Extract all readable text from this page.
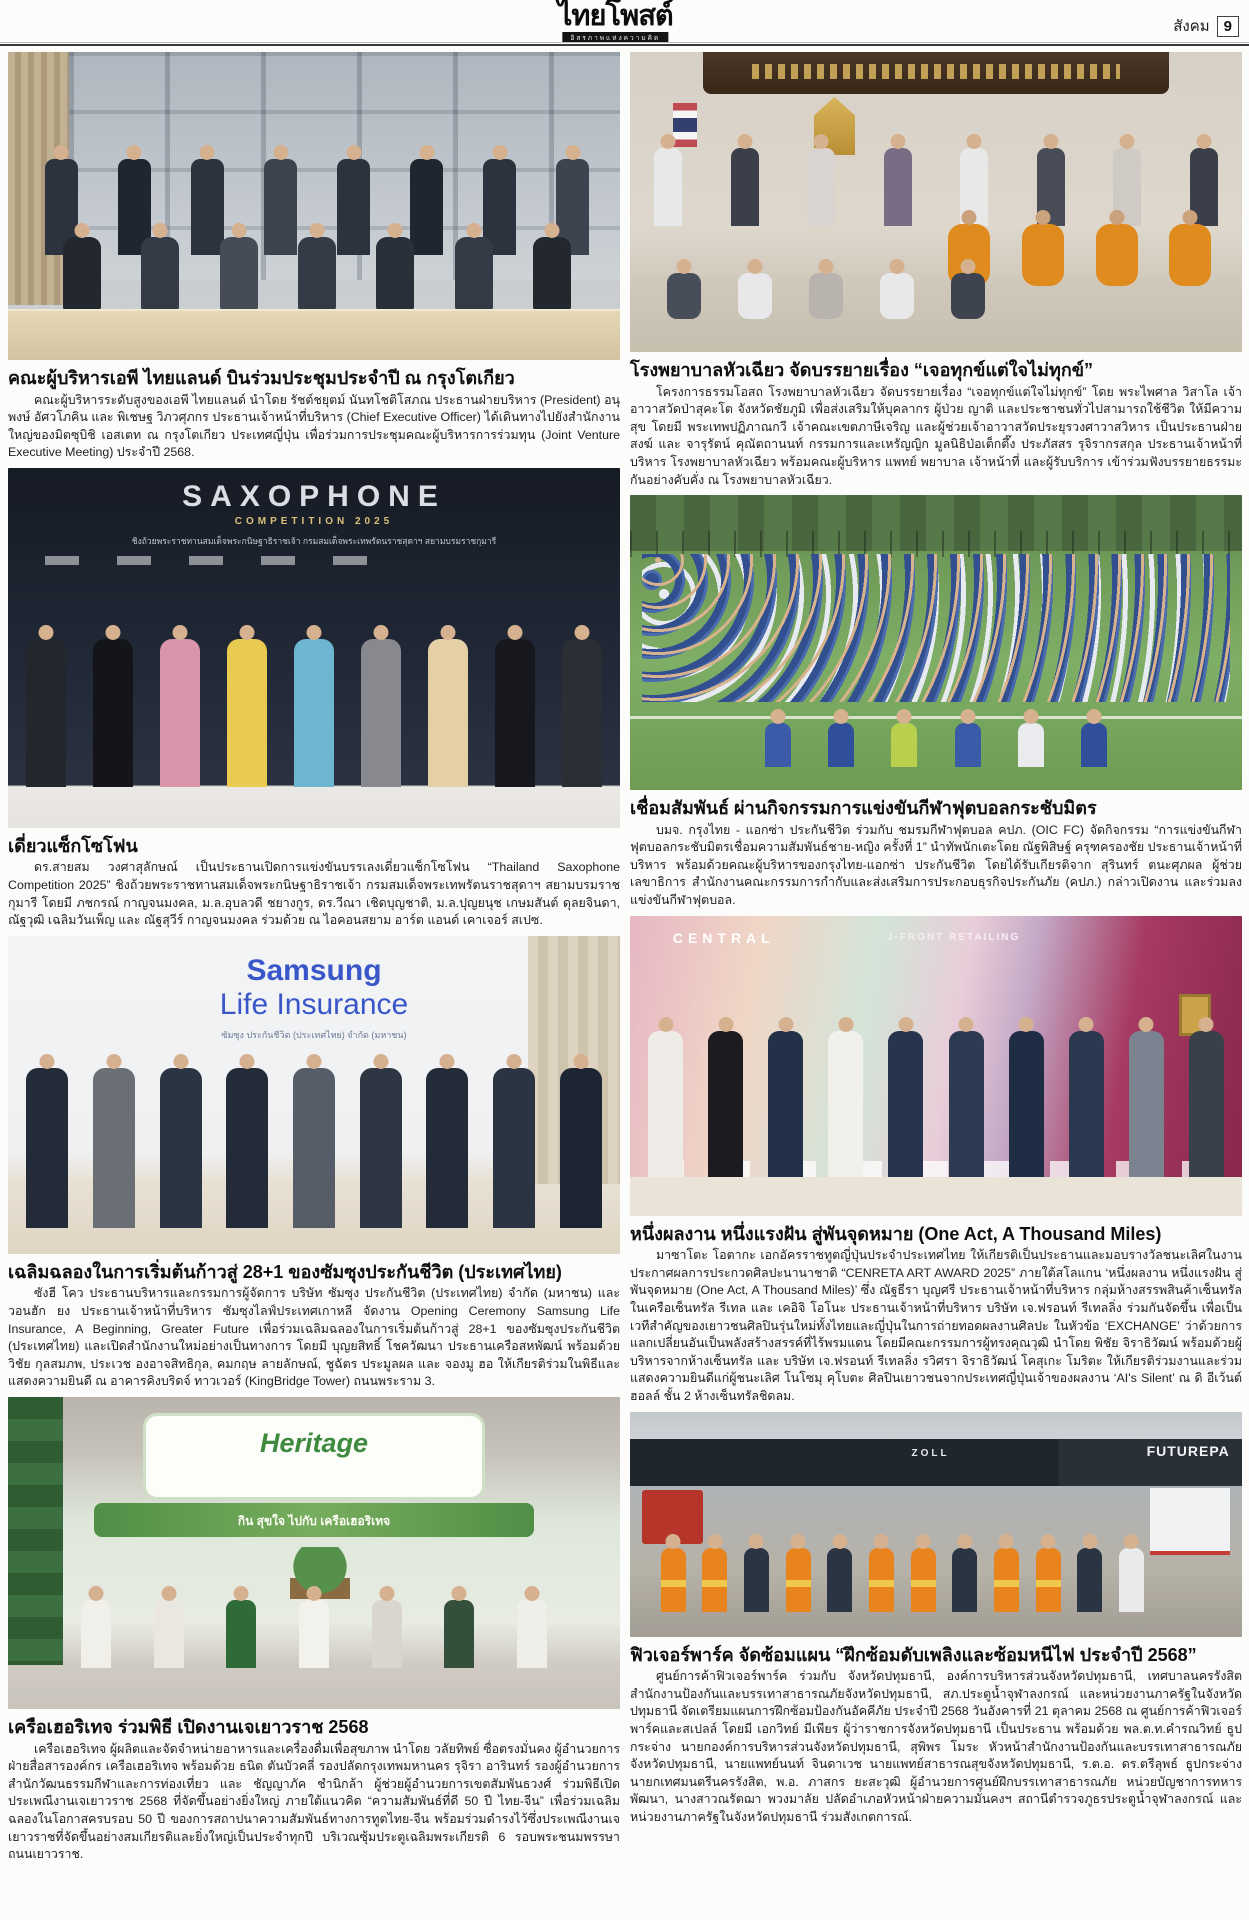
ไทยโพสต์
อิสรภาพแห่งความคิด
สังคม 9
คณะผู้บริหารเอพี ไทยแลนด์ บินร่วมประชุมประจำปี ณ กรุงโตเกียว

คณะผู้บริหารระดับสูงของเอพี ไทยแลนด์ นำโดย รัชต์ชยุตม์ นันทโชติโสภณ ประธานฝ่ายบริหาร (President) อนุพงษ์ อัศวโภคิน และ พิเชษฐ วิภวศุภกร ประธานเจ้าหน้าที่บริหาร (Chief Executive Officer) ได้เดินทางไปยังสำนักงานใหญ่ของมิตซุบิชิ เอสเตท ณ กรุงโตเกียว ประเทศญี่ปุ่น เพื่อร่วมการประชุมคณะผู้บริหารการร่วมทุน (Joint Venture Executive Meeting) ประจำปี 2568.

SAXOPHONE
COMPETITION 2025
ชิงถ้วยพระราชทานสมเด็จพระกนิษฐาธิราชเจ้า กรมสมเด็จพระเทพรัตนราชสุดาฯ สยามบรมราชกุมารี
เดี่ยวแซ็กโซโฟน

ดร.สายสม วงศาสุลักษณ์ เป็นประธานเปิดการแข่งขันบรรเลงเดี่ยวแซ็กโซโฟน “Thailand Saxophone Competition 2025” ชิงถ้วยพระราชทานสมเด็จพระกนิษฐาธิราชเจ้า กรมสมเด็จพระเทพรัตนราชสุดาฯ สยามบรมราชกุมารี โดยมี ภชกรณ์ กาญจนมงคล, ม.ล.อุบลวดี ชยางกูร, ดร.วีณา เชิดบุญชาติ, ม.ล.ปุญยนุช เกษมสันต์ ดุลยจินดา, ณัฐวุฒิ เฉลิมวันเพ็ญ และ ณัฐสุวีร์ กาญจนมงคล ร่วมด้วย ณ ไอคอนสยาม อาร์ต แอนด์ เคาเจอร์ สเปซ.

Samsung
Life Insurance
ซัมซุง ประกันชีวิต (ประเทศไทย) จำกัด (มหาชน)
เฉลิมฉลองในการเริ่มต้นก้าวสู่ 28+1 ของซัมซุงประกันชีวิต (ประเทศไทย)

ซังฮี โคว ประธานบริหารและกรรมการผู้จัดการ บริษัท ซัมซุง ประกันชีวิต (ประเทศไทย) จำกัด (มหาชน) และ วอนฮัก ยง ประธานเจ้าหน้าที่บริหาร ซัมซุงไลฟ์ประเทศเกาหลี จัดงาน Opening Ceremony Samsung Life Insurance, A Beginning, Greater Future เพื่อร่วมเฉลิมฉลองในการเริ่มต้นก้าวสู่ 28+1 ของซัมซุงประกันชีวิต (ประเทศไทย) และเปิดสำนักงานใหม่อย่างเป็นทางการ โดยมี บุญยสิทธิ์ โชควัฒนา ประธานเครือสหพัฒน์ พร้อมด้วย วิชัย กุลสมภพ, ประเวช องอาจสิทธิกุล, คมกฤษ ลายลักษณ์, ชูฉัตร ประมูลผล และ จองมู ฮอ ให้เกียรติร่วมในพิธีและแสดงความยินดี ณ อาคารคิงบริดจ์ ทาวเวอร์ (KingBridge Tower) ถนนพระราม 3.

Heritage
กิน สุขใจ ไปกับ เครือเฮอริเทจ
เครือเฮอริเทจ ร่วมพิธี เปิดงานเจเยาวราช 2568

เครือเฮอริเทจ ผู้ผลิตและจัดจำหน่ายอาหารและเครื่องดื่มเพื่อสุขภาพ นำโดย วลัยทิพย์ ซื่อตรงมั่นคง ผู้อำนวยการฝ่ายสื่อสารองค์กร เครือเฮอริเทจ พร้อมด้วย ธนิต ตันบัวคลี่ รองปลัดกรุงเทพมหานคร รุจิรา อารินทร์ รองผู้อำนวยการสำนักวัฒนธรรมกีฬาและการท่องเที่ยว และ ชัญญาภัค ชำนิกล้า ผู้ช่วยผู้อำนวยการเขตสัมพันธวงศ์ ร่วมพิธีเปิดประเพณีงานเจเยาวราช 2568 ที่จัดขึ้นอย่างยิ่งใหญ่ ภายใต้แนวคิด “ความสัมพันธ์ที่ดี 50 ปี ไทย-จีน” เพื่อร่วมเฉลิมฉลองในโอกาสครบรอบ 50 ปี ของการสถาปนาความสัมพันธ์ทางการทูตไทย-จีน พร้อมร่วมดำรงไว้ซึ่งประเพณีงานเจเยาวราชที่จัดขึ้นอย่างสมเกียรติและยิ่งใหญ่เป็นประจำทุกปี บริเวณซุ้มประตูเฉลิมพระเกียรติ 6 รอบพระชนมพรรษา ถนนเยาวราช.

โรงพยาบาลหัวเฉียว จัดบรรยายเรื่อง “เจอทุกข์แต่ใจไม่ทุกข์”

โครงการธรรมโอสถ โรงพยาบาลหัวเฉียว จัดบรรยายเรื่อง “เจอทุกข์แต่ใจไม่ทุกข์” โดย พระไพศาล วิสาโล เจ้าอาวาสวัดป่าสุคะโต จังหวัดชัยภูมิ เพื่อส่งเสริมให้บุคลากร ผู้ป่วย ญาติ และประชาชนทั่วไปสามารถใช้ชีวิต ให้มีความสุข โดยมี พระเทพปฏิภาณกวี เจ้าคณะเขตภาษีเจริญ และผู้ช่วยเจ้าอาวาสวัดประยุรวงศาวาสวิหาร เป็นประธานฝ่ายสงฆ์ และ จารุรัตน์ คุณัตถานนท์ กรรมการและเหรัญญิก มูลนิธิป่อเต็กตึ๊ง ประภัสสร รุจิรากรสกุล ประธานเจ้าหน้าที่บริหาร โรงพยาบาลหัวเฉียว พร้อมคณะผู้บริหาร แพทย์ พยาบาล เจ้าหน้าที่ และผู้รับบริการ เข้าร่วมฟังบรรยายธรรมะกันอย่างคับคั่ง ณ โรงพยาบาลหัวเฉียว.

เชื่อมสัมพันธ์ ผ่านกิจกรรมการแข่งขันกีฬาฟุตบอลกระชับมิตร

บมจ. กรุงไทย - แอกซ่า ประกันชีวิต ร่วมกับ ชมรมกีฬาฟุตบอล คปภ. (OIC FC) จัดกิจกรรม “การแข่งขันกีฬาฟุตบอลกระชับมิตรเชื่อมความสัมพันธ์ชาย-หญิง ครั้งที่ 1” นำทัพนักเตะโดย ณัฐพิสิษฐ์ ครุฑครองชัย ประธานเจ้าหน้าที่บริหาร พร้อมด้วยคณะผู้บริหารของกรุงไทย-แอกซ่า ประกันชีวิต โดยได้รับเกียรติจาก สุรินทร์ ตนะศุภผล ผู้ช่วยเลขาธิการ สำนักงานคณะกรรมการกำกับและส่งเสริมการประกอบธุรกิจประกันภัย (คปภ.) กล่าวเปิดงาน และร่วมลงแข่งขันกีฬาฟุตบอล.

CENTRAL	J-FRONT RETAILING
หนึ่งผลงาน หนึ่งแรงฝัน สู่พันจุดหมาย (One Act, A Thousand Miles)

มาซาโตะ โอตากะ เอกอัครราชทูตญี่ปุ่นประจำประเทศไทย ให้เกียรติเป็นประธานและมอบรางวัลชนะเลิศในงานประกาศผลการประกวดศิลปะนานาชาติ “CENRETA ART AWARD 2025” ภายใต้สโลแกน ‘หนึ่งผลงาน หนึ่งแรงฝัน สู่พันจุดหมาย (One Act, A Thousand Miles)’ ซึ่ง ณัฐธีรา บุญศรี ประธานเจ้าหน้าที่บริหาร กลุ่มห้างสรรพสินค้าเซ็นทรัล ในเครือเซ็นทรัล รีเทล และ เคอิจิ โอโนะ ประธานเจ้าหน้าที่บริหาร บริษัท เจ.ฟรอนท์ รีเทลลิ่ง ร่วมกันจัดขึ้น เพื่อเป็นเวทีสำคัญของเยาวชนศิลปินรุ่นใหม่ทั้งไทยและญี่ปุ่นในการถ่ายทอดผลงานศิลปะ ในหัวข้อ ‘EXCHANGE’ ว่าด้วยการแลกเปลี่ยนอันเป็นพลังสร้างสรรค์ที่ไร้พรมแดน โดยมีคณะกรรมการผู้ทรงคุณวุฒิ นำโดย พิชัย จิราธิวัฒน์ พร้อมด้วยผู้บริหารจากห้างเซ็นทรัล และ บริษัท เจ.ฟรอนท์ รีเทลลิ่ง รวิศรา จิราธิวัฒน์ โคสุเกะ โมริตะ ให้เกียรติร่วมงานและร่วมแสดงความยินดีแก่ผู้ชนะเลิศ โนโซมุ คุโบตะ ศิลปินเยาวชนจากประเทศญี่ปุ่นเจ้าของผลงาน ‘AI's Silent’ ณ ดิ อีเว้นต์ ฮอลล์ ชั้น 2 ห้างเซ็นทรัลชิดลม.

ZOLL	FUTUREPA
ฟิวเจอร์พาร์ค จัดซ้อมแผน “ฝึกซ้อมดับเพลิงและซ้อมหนีไฟ ประจำปี 2568”

ศูนย์การค้าฟิวเจอร์พาร์ค ร่วมกับ จังหวัดปทุมธานี, องค์การบริหารส่วนจังหวัดปทุมธานี, เทศบาลนครรังสิต สำนักงานป้องกันและบรรเทาสาธารณภัยจังหวัดปทุมธานี, สภ.ประตูน้ำจุฬาลงกรณ์ และหน่วยงานภาครัฐในจังหวัดปทุมธานี จัดเตรียมแผนการฝึกซ้อมป้องกันอัคคีภัย ประจำปี 2568 วันอังคารที่ 21 ตุลาคม 2568 ณ ศูนย์การค้าฟิวเจอร์พาร์คและสเปลล์ โดยมี เอกวิทย์ มีเพียร ผู้ว่าราชการจังหวัดปทุมธานี เป็นประธาน พร้อมด้วย พล.ต.ท.คำรณวิทย์ ธูปกระจ่าง นายกองค์การบริหารส่วนจังหวัดปทุมธานี, สุพิพร โมระ หัวหน้าสำนักงานป้องกันและบรรเทาสาธารณภัยจังหวัดปทุมธานี, นายแพทย์นนท์ จินดาเวช นายแพทย์สาธารณสุขจังหวัดปทุมธานี, ร.ต.อ. ดร.ตรีลุพธ์ ธูปกระจ่าง นายกเทศมนตรีนครรังสิต, พ.อ. ภาสกร ยะสะวุฒิ ผู้อำนวยการศูนย์ฝึกบรรเทาสาธารณภัย หน่วยบัญชาการทหารพัฒนา, นางสาวณรัตฌา พวงมาลัย ปลัดอำเภอหัวหน้าฝ่ายความมั่นคงฯ สถานีตำรวจภูธรประตูน้ำจุฬาลงกรณ์ และหน่วยงานภาครัฐในจังหวัดปทุมธานี ร่วมสังเกตการณ์.
